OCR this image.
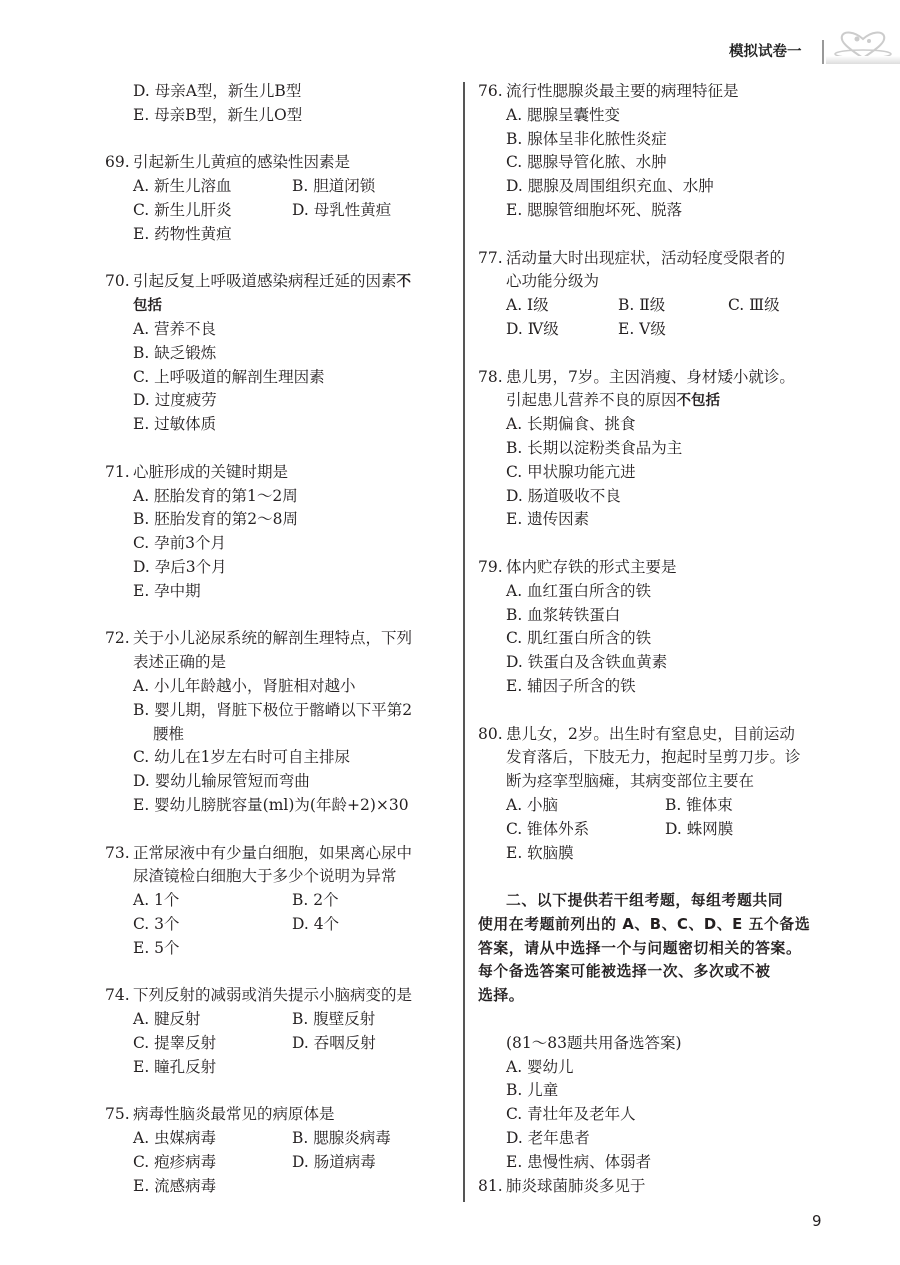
模拟试卷一
D. 母亲A型，新生儿B型
E. 母亲B型，新生儿O型
69. 引起新生儿黄疸的感染性因素是
A. 新生儿溶血	B. 胆道闭锁
C. 新生儿肝炎	D. 母乳性黄疸
E. 药物性黄疸
70. 引起反复上呼吸道感染病程迁延的因素不
包括
A. 营养不良
B. 缺乏锻炼
C. 上呼吸道的解剖生理因素
D. 过度疲劳
E. 过敏体质
71. 心脏形成的关键时期是
A. 胚胎发育的第1～2周
B. 胚胎发育的第2～8周
C. 孕前3个月
D. 孕后3个月
E. 孕中期
72. 关于小儿泌尿系统的解剖生理特点，下列
表述正确的是
A. 小儿年龄越小，肾脏相对越小
B. 婴儿期，肾脏下极位于髂嵴以下平第2
腰椎
C. 幼儿在1岁左右时可自主排尿
D. 婴幼儿输尿管短而弯曲
E. 婴幼儿膀胱容量(ml)为(年龄+2)×30
73. 正常尿液中有少量白细胞，如果离心尿中
尿渣镜检白细胞大于多少个说明为异常
A. 1个	B. 2个
C. 3个	D. 4个
E. 5个
74. 下列反射的减弱或消失提示小脑病变的是
A. 腱反射	B. 腹壁反射
C. 提睾反射	D. 吞咽反射
E. 瞳孔反射
75. 病毒性脑炎最常见的病原体是
A. 虫媒病毒	B. 腮腺炎病毒
C. 疱疹病毒	D. 肠道病毒
E. 流感病毒
76. 流行性腮腺炎最主要的病理特征是
A. 腮腺呈囊性变
B. 腺体呈非化脓性炎症
C. 腮腺导管化脓、水肿
D. 腮腺及周围组织充血、水肿
E. 腮腺管细胞坏死、脱落
77. 活动量大时出现症状，活动轻度受限者的
心功能分级为
A. Ⅰ级	B. Ⅱ级	C. Ⅲ级
D. Ⅳ级	E. Ⅴ级
78. 患儿男，7岁。主因消瘦、身材矮小就诊。
引起患儿营养不良的原因不包括
A. 长期偏食、挑食
B. 长期以淀粉类食品为主
C. 甲状腺功能亢进
D. 肠道吸收不良
E. 遗传因素
79. 体内贮存铁的形式主要是
A. 血红蛋白所含的铁
B. 血浆转铁蛋白
C. 肌红蛋白所含的铁
D. 铁蛋白及含铁血黄素
E. 辅因子所含的铁
80. 患儿女，2岁。出生时有窒息史，目前运动
发育落后，下肢无力，抱起时呈剪刀步。诊
断为痉挛型脑瘫，其病变部位主要在
A. 小脑	B. 锥体束
C. 锥体外系	D. 蛛网膜
E. 软脑膜
二、以下提供若干组考题，每组考题共同
使用在考题前列出的 A、B、C、D、E 五个备选
答案，请从中选择一个与问题密切相关的答案。
每个备选答案可能被选择一次、多次或不被
选择。
(81～83题共用备选答案)
A. 婴幼儿
B. 儿童
C. 青壮年及老年人
D. 老年患者
E. 患慢性病、体弱者
81. 肺炎球菌肺炎多见于
9
